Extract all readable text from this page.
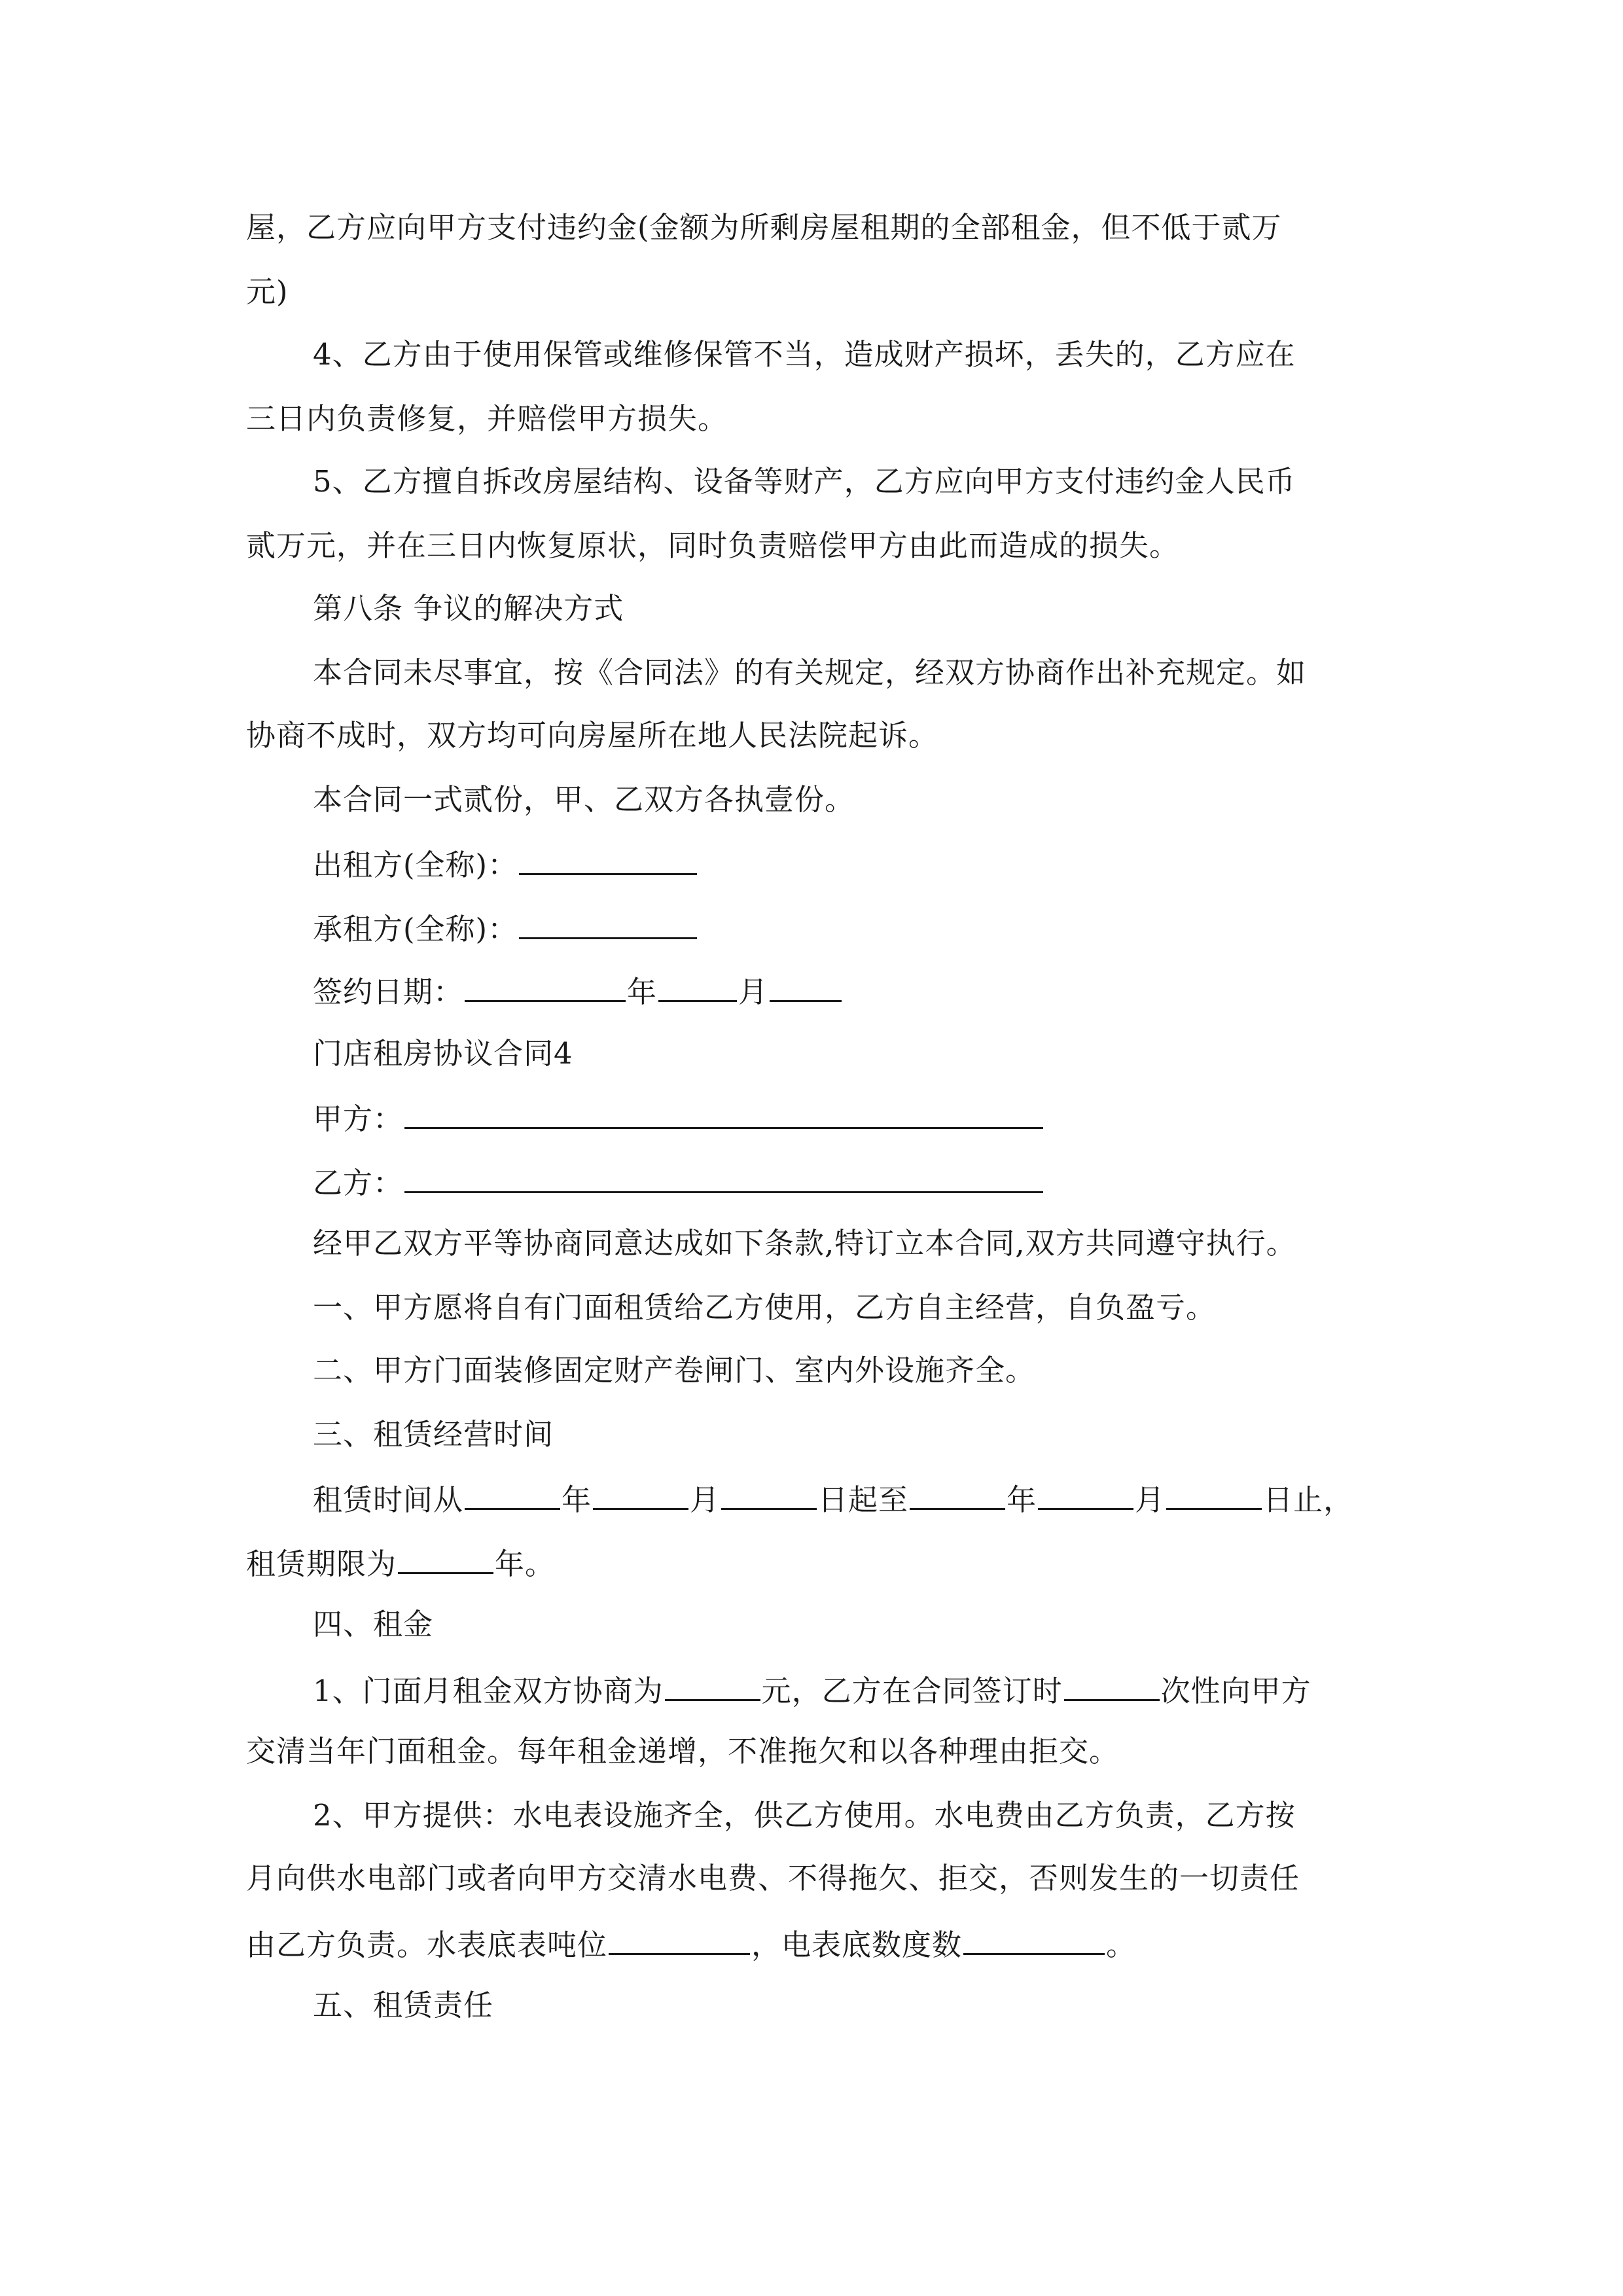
屋，乙方应向甲方支付违约金(金额为所剩房屋租期的全部租金，但不低于贰万
元)
4、乙方由于使用保管或维修保管不当，造成财产损坏，丢失的，乙方应在
三日内负责修复，并赔偿甲方损失。
5、乙方擅自拆改房屋结构、设备等财产，乙方应向甲方支付违约金人民币
贰万元，并在三日内恢复原状，同时负责赔偿甲方由此而造成的损失。
第八条 争议的解决方式
本合同未尽事宜，按《合同法》的有关规定，经双方协商作出补充规定。如
协商不成时，双方均可向房屋所在地人民法院起诉。
本合同一式贰份，甲、乙双方各执壹份。
出租方(全称)：
承租方(全称)：
签约日期：	年	月
门店租房协议合同4
甲方：
乙方：
经甲乙双方平等协商同意达成如下条款,特订立本合同,双方共同遵守执行。
一、甲方愿将自有门面租赁给乙方使用，乙方自主经营，自负盈亏。
二、甲方门面装修固定财产卷闸门、室内外设施齐全。
三、租赁经营时间
租赁时间从	年	月	日起至	年	月	日止，
租赁期限为	年。
四、租金
1、门面月租金双方协商为	元，乙方在合同签订时	次性向甲方
交清当年门面租金。每年租金递增，不准拖欠和以各种理由拒交。
2、甲方提供：水电表设施齐全，供乙方使用。水电费由乙方负责，乙方按
月向供水电部门或者向甲方交清水电费、不得拖欠、拒交，否则发生的一切责任
由乙方负责。水表底表吨位	，电表底数度数	。
五、租赁责任
